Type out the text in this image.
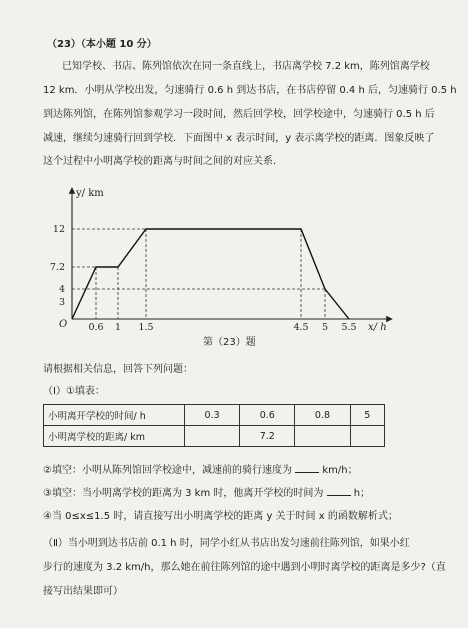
（23）（本小题 10 分）
已知学校、书店、陈列馆依次在同一条直线上，书店离学校 7.2 km，陈列馆离学校
12 km．小明从学校出发，匀速骑行 0.6 h 到达书店，在书店停留 0.4 h 后，匀速骑行 0.5 h
到达陈列馆，在陈列馆参观学习一段时间，然后回学校，回学校途中，匀速骑行 0.5 h 后
减速，继续匀速骑行回到学校．下面图中 x 表示时间，y 表示离学校的距离．图象反映了
这个过程中小明离学校的距离与时间之间的对应关系．
y/ km
x/ h
O 0.6 1 1.5	4.5 5 5.5
3
4
7.2
12
第（23）题
请根据相关信息，回答下列问题：
（Ⅰ）①填表：
小明离开学校的时间/ h	0.3	0.6	0.8	5
小明离学校的距离/ km		7.2		
②填空：小明从陈列馆回学校途中，减速前的骑行速度为	km/h；
③填空：当小明离学校的距离为 3 km 时，他离开学校的时间为	h；
④当 0≤x≤1.5 时，请直接写出小明离学校的距离 y 关于时间 x 的函数解析式；
（Ⅱ）当小明到达书店前 0.1 h 时，同学小红从书店出发匀速前往陈列馆，如果小红
步行的速度为 3.2 km/h，那么她在前往陈列馆的途中遇到小明时离学校的距离是多少?（直
接写出结果即可）
